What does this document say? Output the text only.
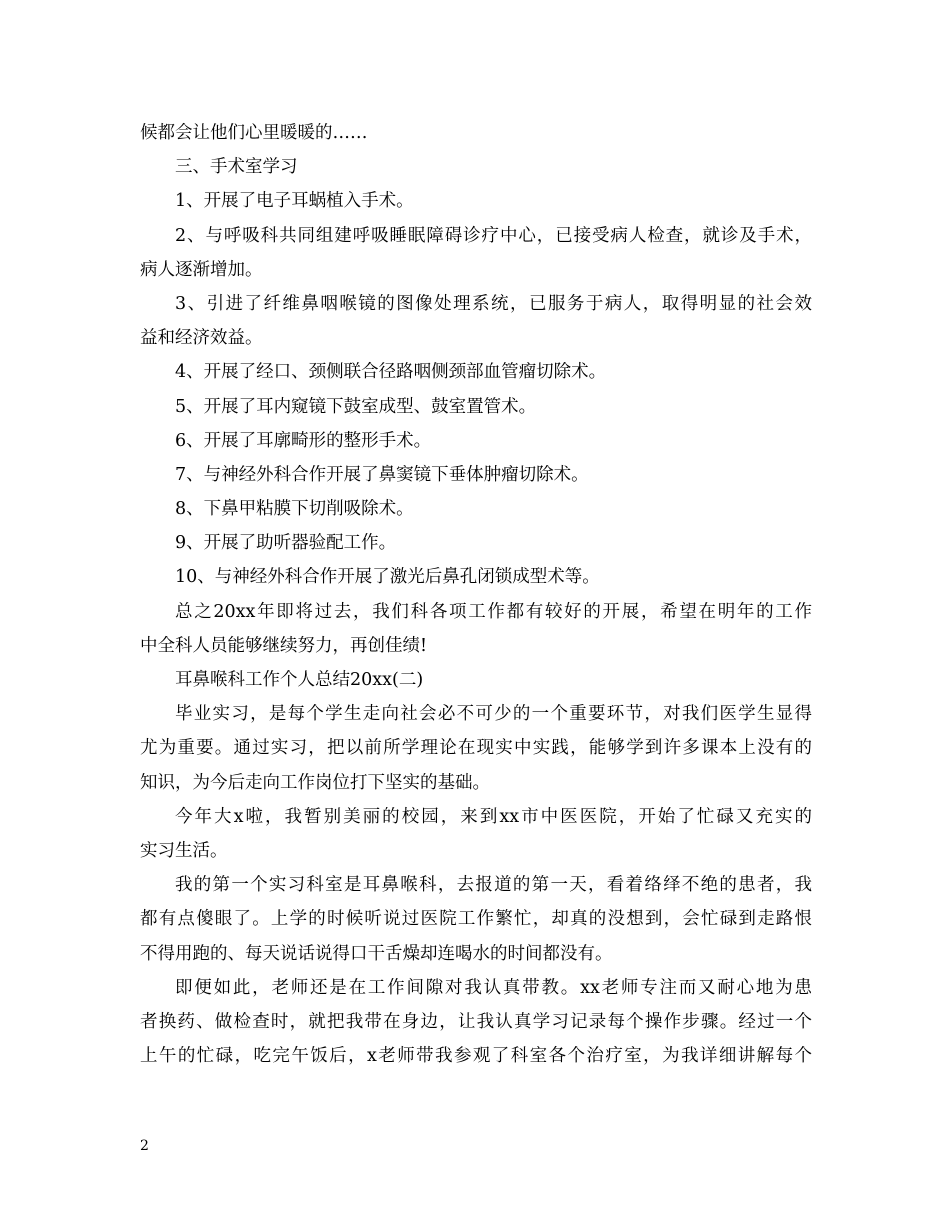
候都会让他们心里暖暖的……
三、手术室学习
1、开展了电子耳蜗植入手术。
2、与呼吸科共同组建呼吸睡眠障碍诊疗中心，已接受病人检查，就诊及手术，
病人逐渐增加。
3、引进了纤维鼻咽喉镜的图像处理系统，已服务于病人，取得明显的社会效
益和经济效益。
4、开展了经口、颈侧联合径路咽侧颈部血管瘤切除术。
5、开展了耳内窥镜下鼓室成型、鼓室置管术。
6、开展了耳廓畸形的整形手术。
7、与神经外科合作开展了鼻窦镜下垂体肿瘤切除术。
8、下鼻甲粘膜下切削吸除术。
9、开展了助听器验配工作。
10、与神经外科合作开展了激光后鼻孔闭锁成型术等。
总之20xx年即将过去，我们科各项工作都有较好的开展，希望在明年的工作
中全科人员能够继续努力，再创佳绩!
耳鼻喉科工作个人总结20xx(二)
毕业实习，是每个学生走向社会必不可少的一个重要环节，对我们医学生显得
尤为重要。通过实习，把以前所学理论在现实中实践，能够学到许多课本上没有的
知识，为今后走向工作岗位打下坚实的基础。
今年大x啦，我暂别美丽的校园，来到xx市中医医院，开始了忙碌又充实的
实习生活。
我的第一个实习科室是耳鼻喉科，去报道的第一天，看着络绎不绝的患者，我
都有点傻眼了。上学的时候听说过医院工作繁忙，却真的没想到，会忙碌到走路恨
不得用跑的、每天说话说得口干舌燥却连喝水的时间都没有。
即便如此，老师还是在工作间隙对我认真带教。xx老师专注而又耐心地为患
者换药、做检查时，就把我带在身边，让我认真学习记录每个操作步骤。经过一个
上午的忙碌，吃完午饭后，x老师带我参观了科室各个治疗室，为我详细讲解每个
2
